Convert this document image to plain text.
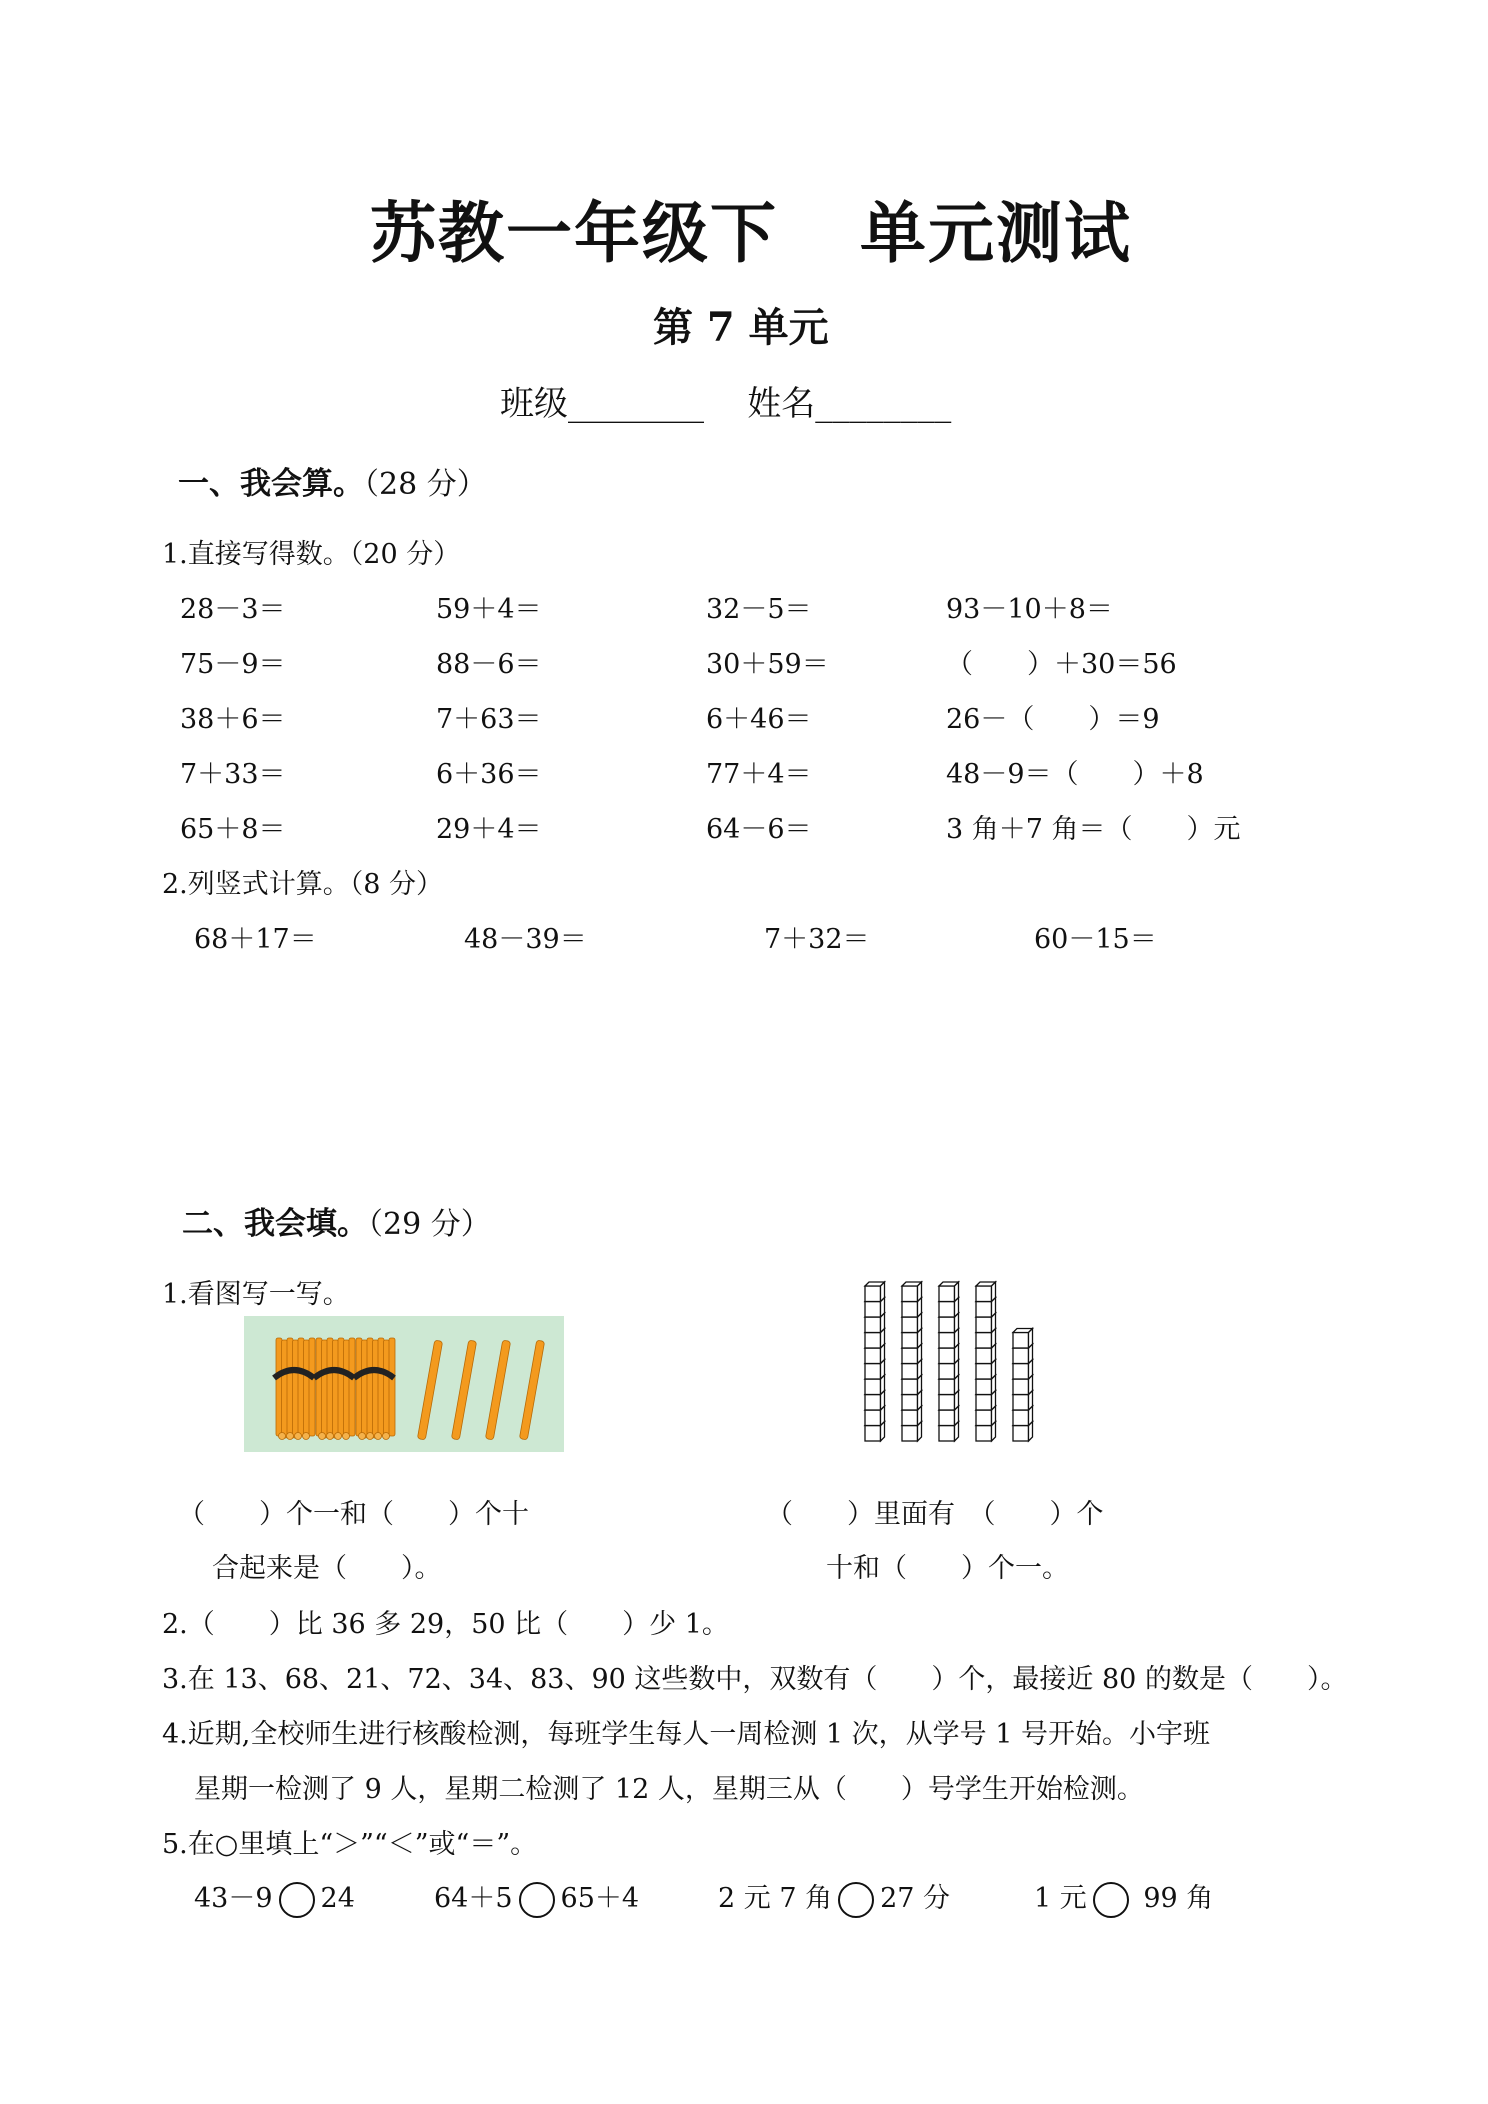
苏教一年级下 单元测试
第 7 单元
班级________    姓名________
一、我会算。（28 分）
1.直接写得数。（20 分）
28－3＝	59＋4＝	32－5＝	93－10＋8＝
75－9＝	88－6＝	30＋59＝	（　　）＋30＝56
38＋6＝	7＋63＝	6＋46＝	26－（　　）＝9
7＋33＝	6＋36＝	77＋4＝	48－9＝（　　）＋8
65＋8＝	29＋4＝	64－6＝	3 角＋7 角＝（　　）元
2.列竖式计算。（8 分）
68＋17＝	48－39＝	7＋32＝	60－15＝
二、我会填。（29 分）
1.看图写一写。
（　　）个一和（　　）个十
合起来是（　　）。
（　　）里面有　（　　）个
十和（　　）个一。
2.（　　）比 36 多 29，50 比（　　）少 1。
3.在 13、68、21、72、34、83、90 这些数中，双数有（　　）个，最接近 80 的数是（　　）。
4.近期,全校师生进行核酸检测，每班学生每人一周检测 1 次，从学号 1 号开始。小宇班
星期一检测了 9 人，星期二检测了 12 人，星期三从（　　）号学生开始检测。
5.在○里填上“＞”“＜”或“＝”。
43－9 24	64＋5 65＋4	2 元 7 角 27 分	1 元 99 角
